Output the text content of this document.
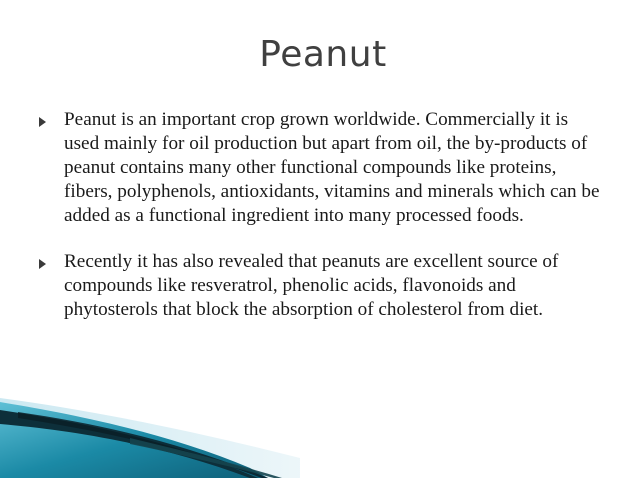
Peanut
Peanut is an important crop grown worldwide. Commercially it is used mainly for oil production but apart from oil, the by-products of peanut contains many other functional compounds like proteins, fibers, polyphenols, antioxidants, vitamins and minerals which can be added as a functional ingredient into many processed foods.
Recently it has also revealed that peanuts are excellent source of compounds like resveratrol, phenolic acids, flavonoids and phytosterols that block the absorption of cholesterol from diet.
